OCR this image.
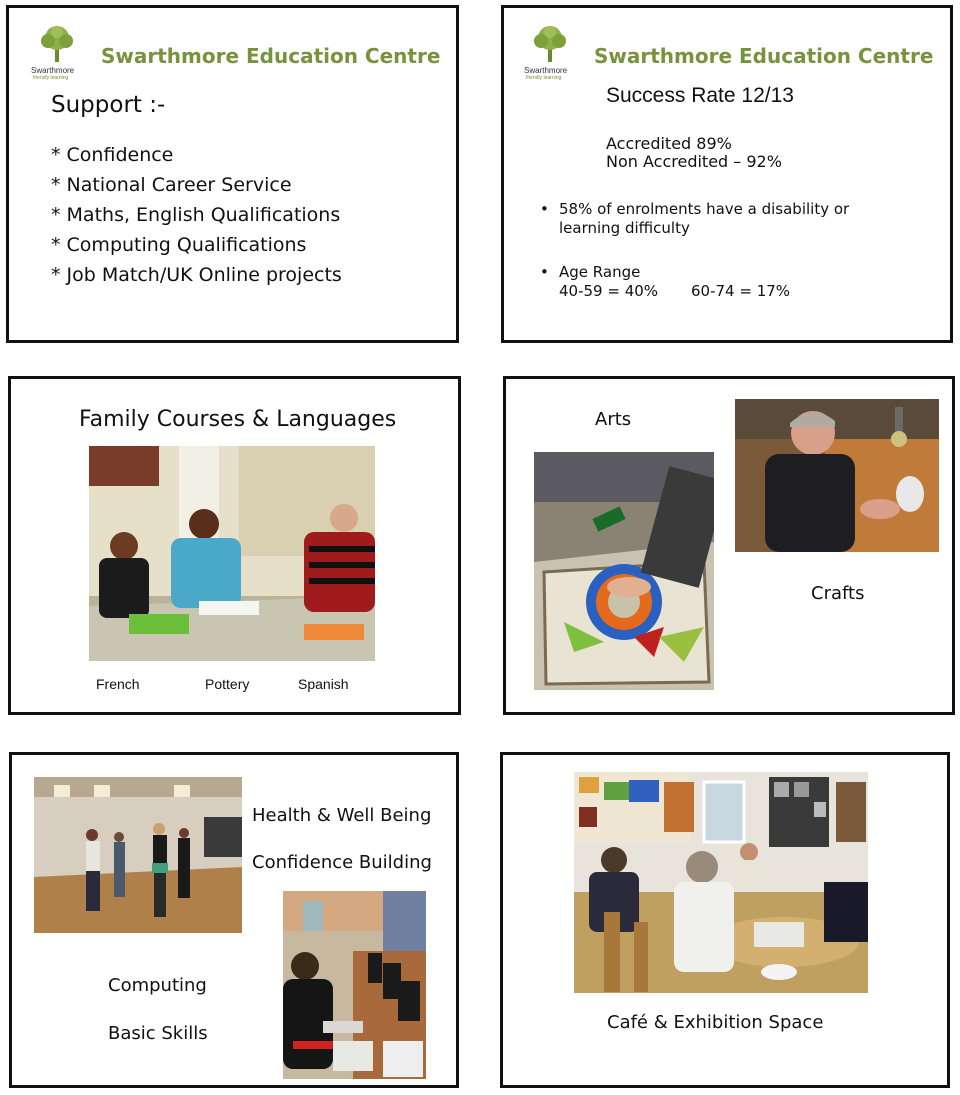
Swarthmore
friendly learning
Swarthmore Education Centre
Support :-
* Confidence
* National Career Service
* Maths, English Qualifications
* Computing Qualifications
* Job Match/UK Online projects
Swarthmore
friendly learning
Swarthmore Education Centre
Success Rate 12/13
Accredited 89%
Non Accredited – 92%
• 58% of enrolments have a disability or
learning difficulty
• Age Range
40-59 = 40% 60-74 = 17%
Family Courses & Languages
French	Pottery	Spanish
Arts
Crafts
Health & Well Being
Confidence Building
Computing
Basic Skills
Café & Exhibition Space
